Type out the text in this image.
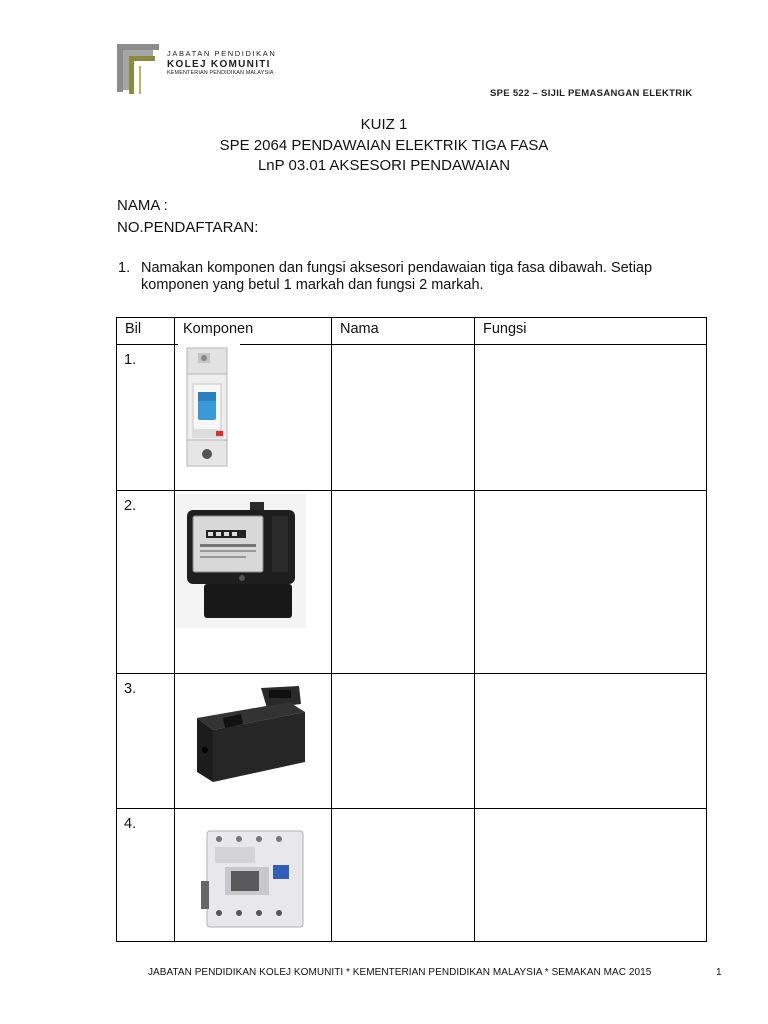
JABATAN PENDIDIKAN
KOLEJ KOMUNITI
KEMENTERIAN PENDIDIKAN MALAYSIA
SPE 522 – SIJIL PEMASANGAN ELEKTRIK
KUIZ 1
SPE 2064 PENDAWAIAN ELEKTRIK TIGA FASA
LnP 03.01 AKSESORI PENDAWAIAN
NAMA :
NO.PENDAFTARAN:
1. Namakan komponen dan fungsi aksesori pendawaian tiga fasa dibawah. Setiap komponen yang betul 1 markah dan fungsi 2 markah.
Bil	Komponen	Nama	Fungsi
1.	

2.	

3.	

4.	

JABATAN PENDIDIKAN KOLEJ KOMUNITI * KEMENTERIAN PENDIDIKAN MALAYSIA * SEMAKAN MAC 2015	1
